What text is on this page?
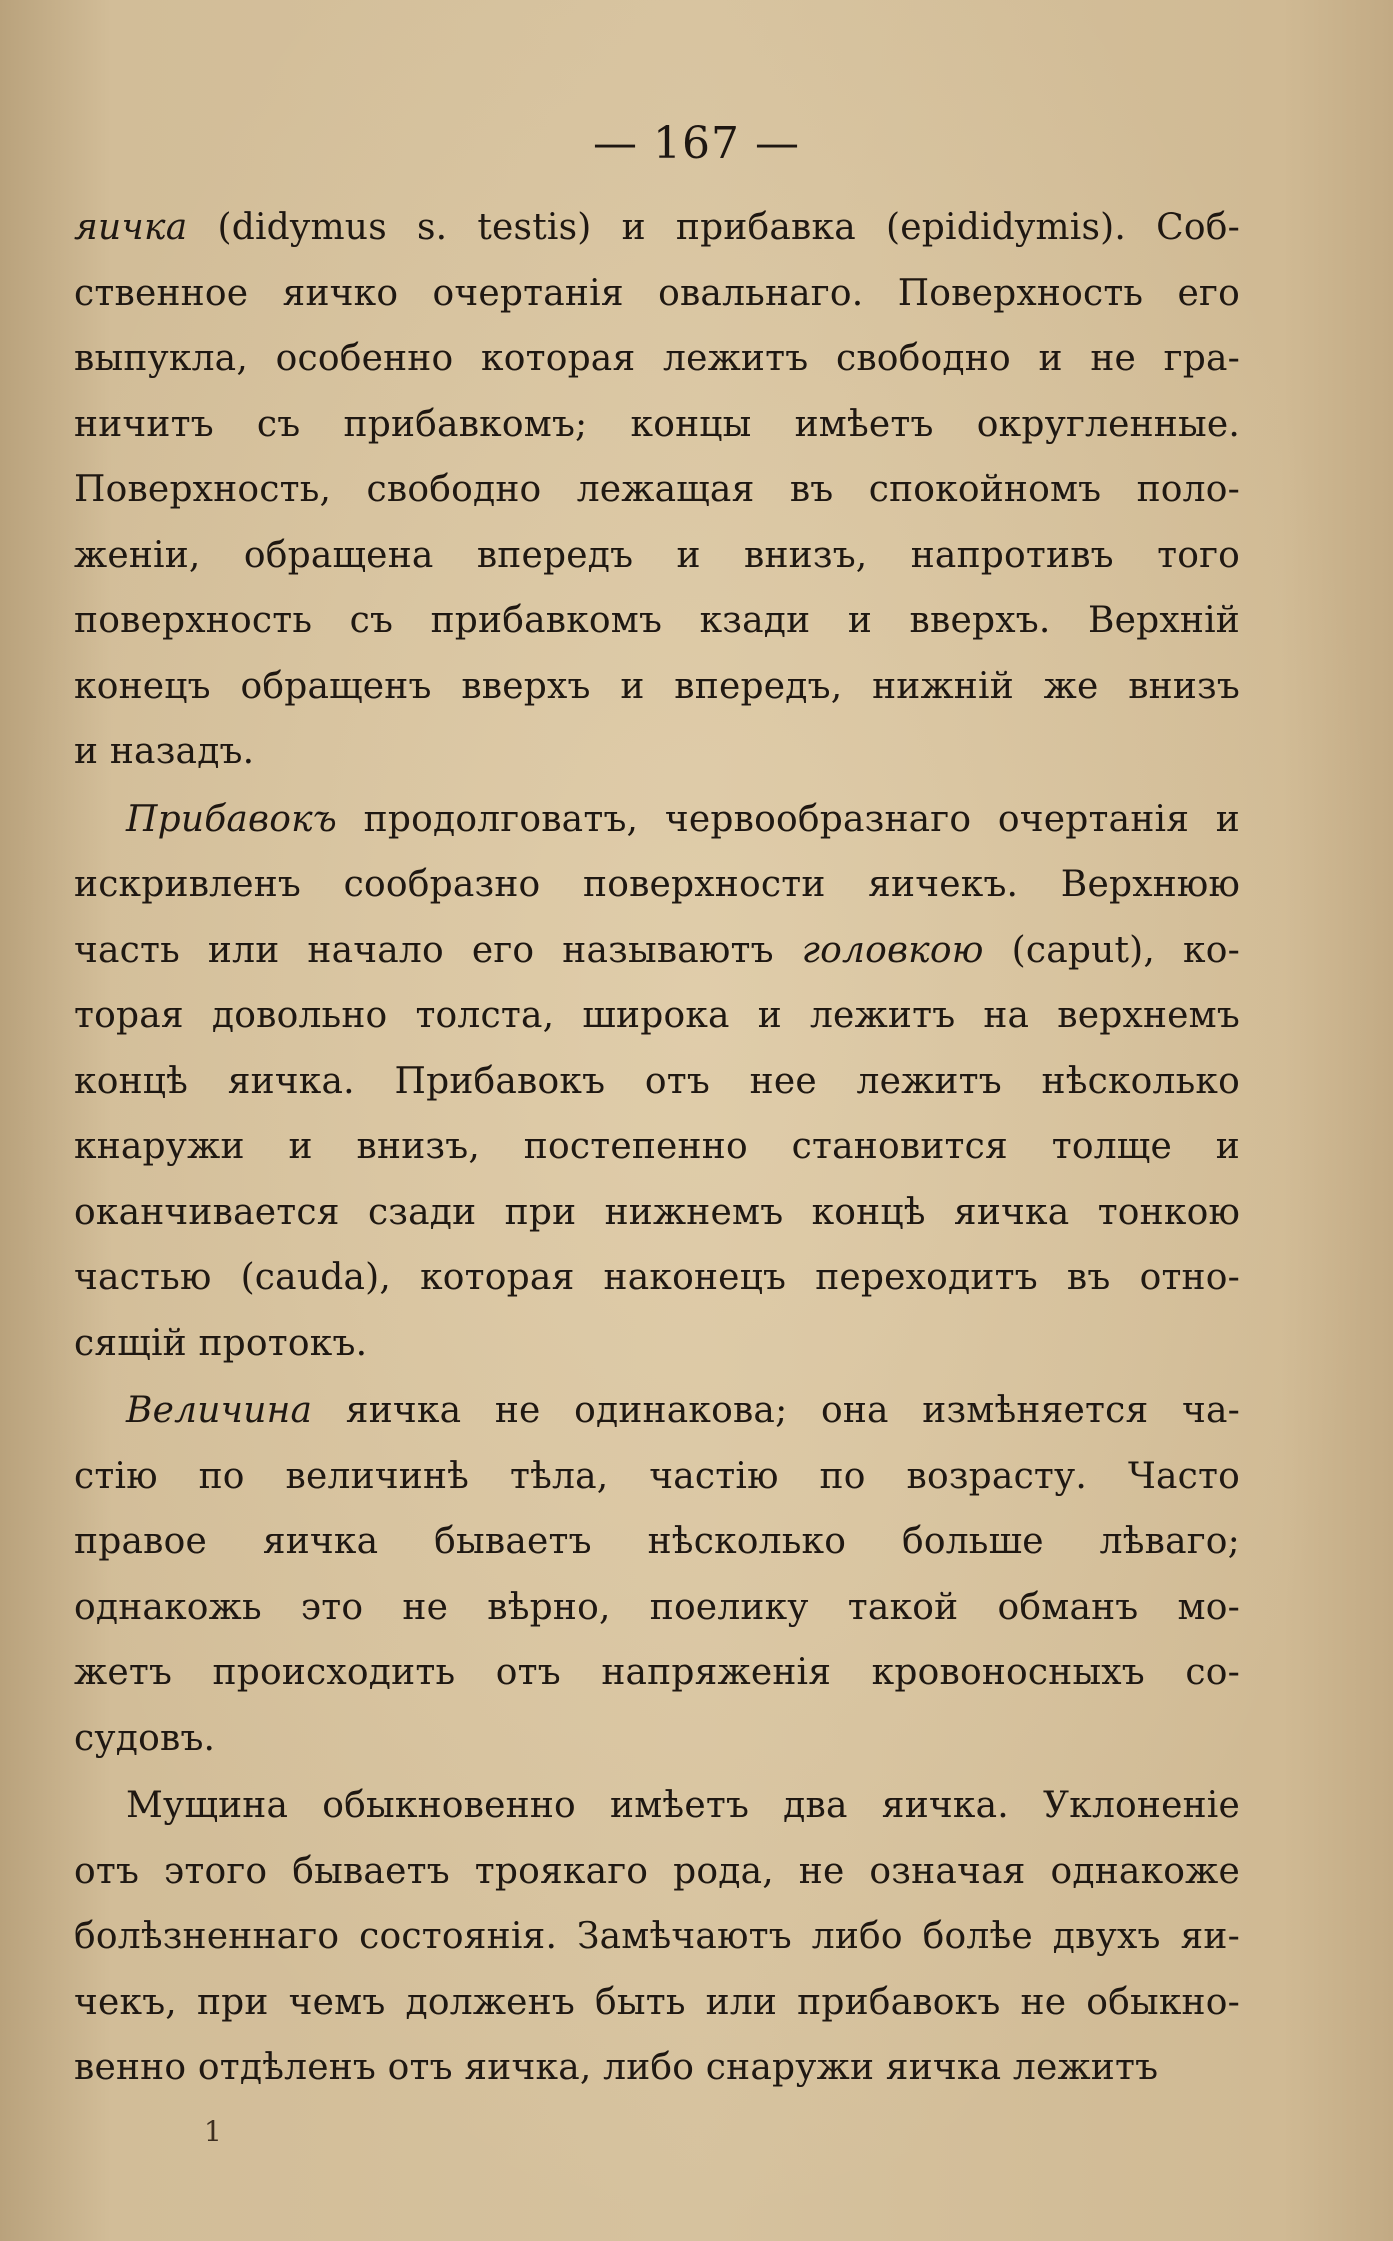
— 167 —
яичка (didymus s. testis) и прибавка (epididymis). Соб-
ственное яичко очертанія овальнаго. Поверхность его
выпукла, особенно которая лежитъ свободно и не гра-
ничитъ съ прибавкомъ; концы имѣетъ округленные.
Поверхность, свободно лежащая въ спокойномъ поло-
женіи, обращена впередъ и внизъ, напротивъ того
поверхность съ прибавкомъ кзади и вверхъ. Верхній
конецъ обращенъ вверхъ и впередъ, нижній же внизъ
и назадъ.
Прибавокъ продолговатъ, червообразнаго очертанія и
искривленъ сообразно поверхности яичекъ. Верхнюю
часть или начало его называютъ головкою (caput), ко-
торая довольно толста, широка и лежитъ на верхнемъ
концѣ яичка. Прибавокъ отъ нее лежитъ нѣсколько
кнаружи и внизъ, постепенно становится толще и
оканчивается сзади при нижнемъ концѣ яичка тонкою
частью (cauda), которая наконецъ переходитъ въ отно-
сящій протокъ.
Величина яичка не одинакова; она измѣняется ча-
стію по величинѣ тѣла, частію по возрасту. Часто
правое яичка бываетъ нѣсколько больше лѣваго;
однакожь это не вѣрно, поелику такой обманъ мо-
жетъ происходить отъ напряженія кровоносныхъ со-
судовъ.
Мущина обыкновенно имѣетъ два яичка. Уклоненіе
отъ этого бываетъ троякаго рода, не означая однакоже
болѣзненнаго состоянія. Замѣчаютъ либо болѣе двухъ яи-
чекъ, при чемъ долженъ быть или прибавокъ не обыкно-
венно отдѣленъ отъ яичка, либо снаружи яичка лежитъ
1
